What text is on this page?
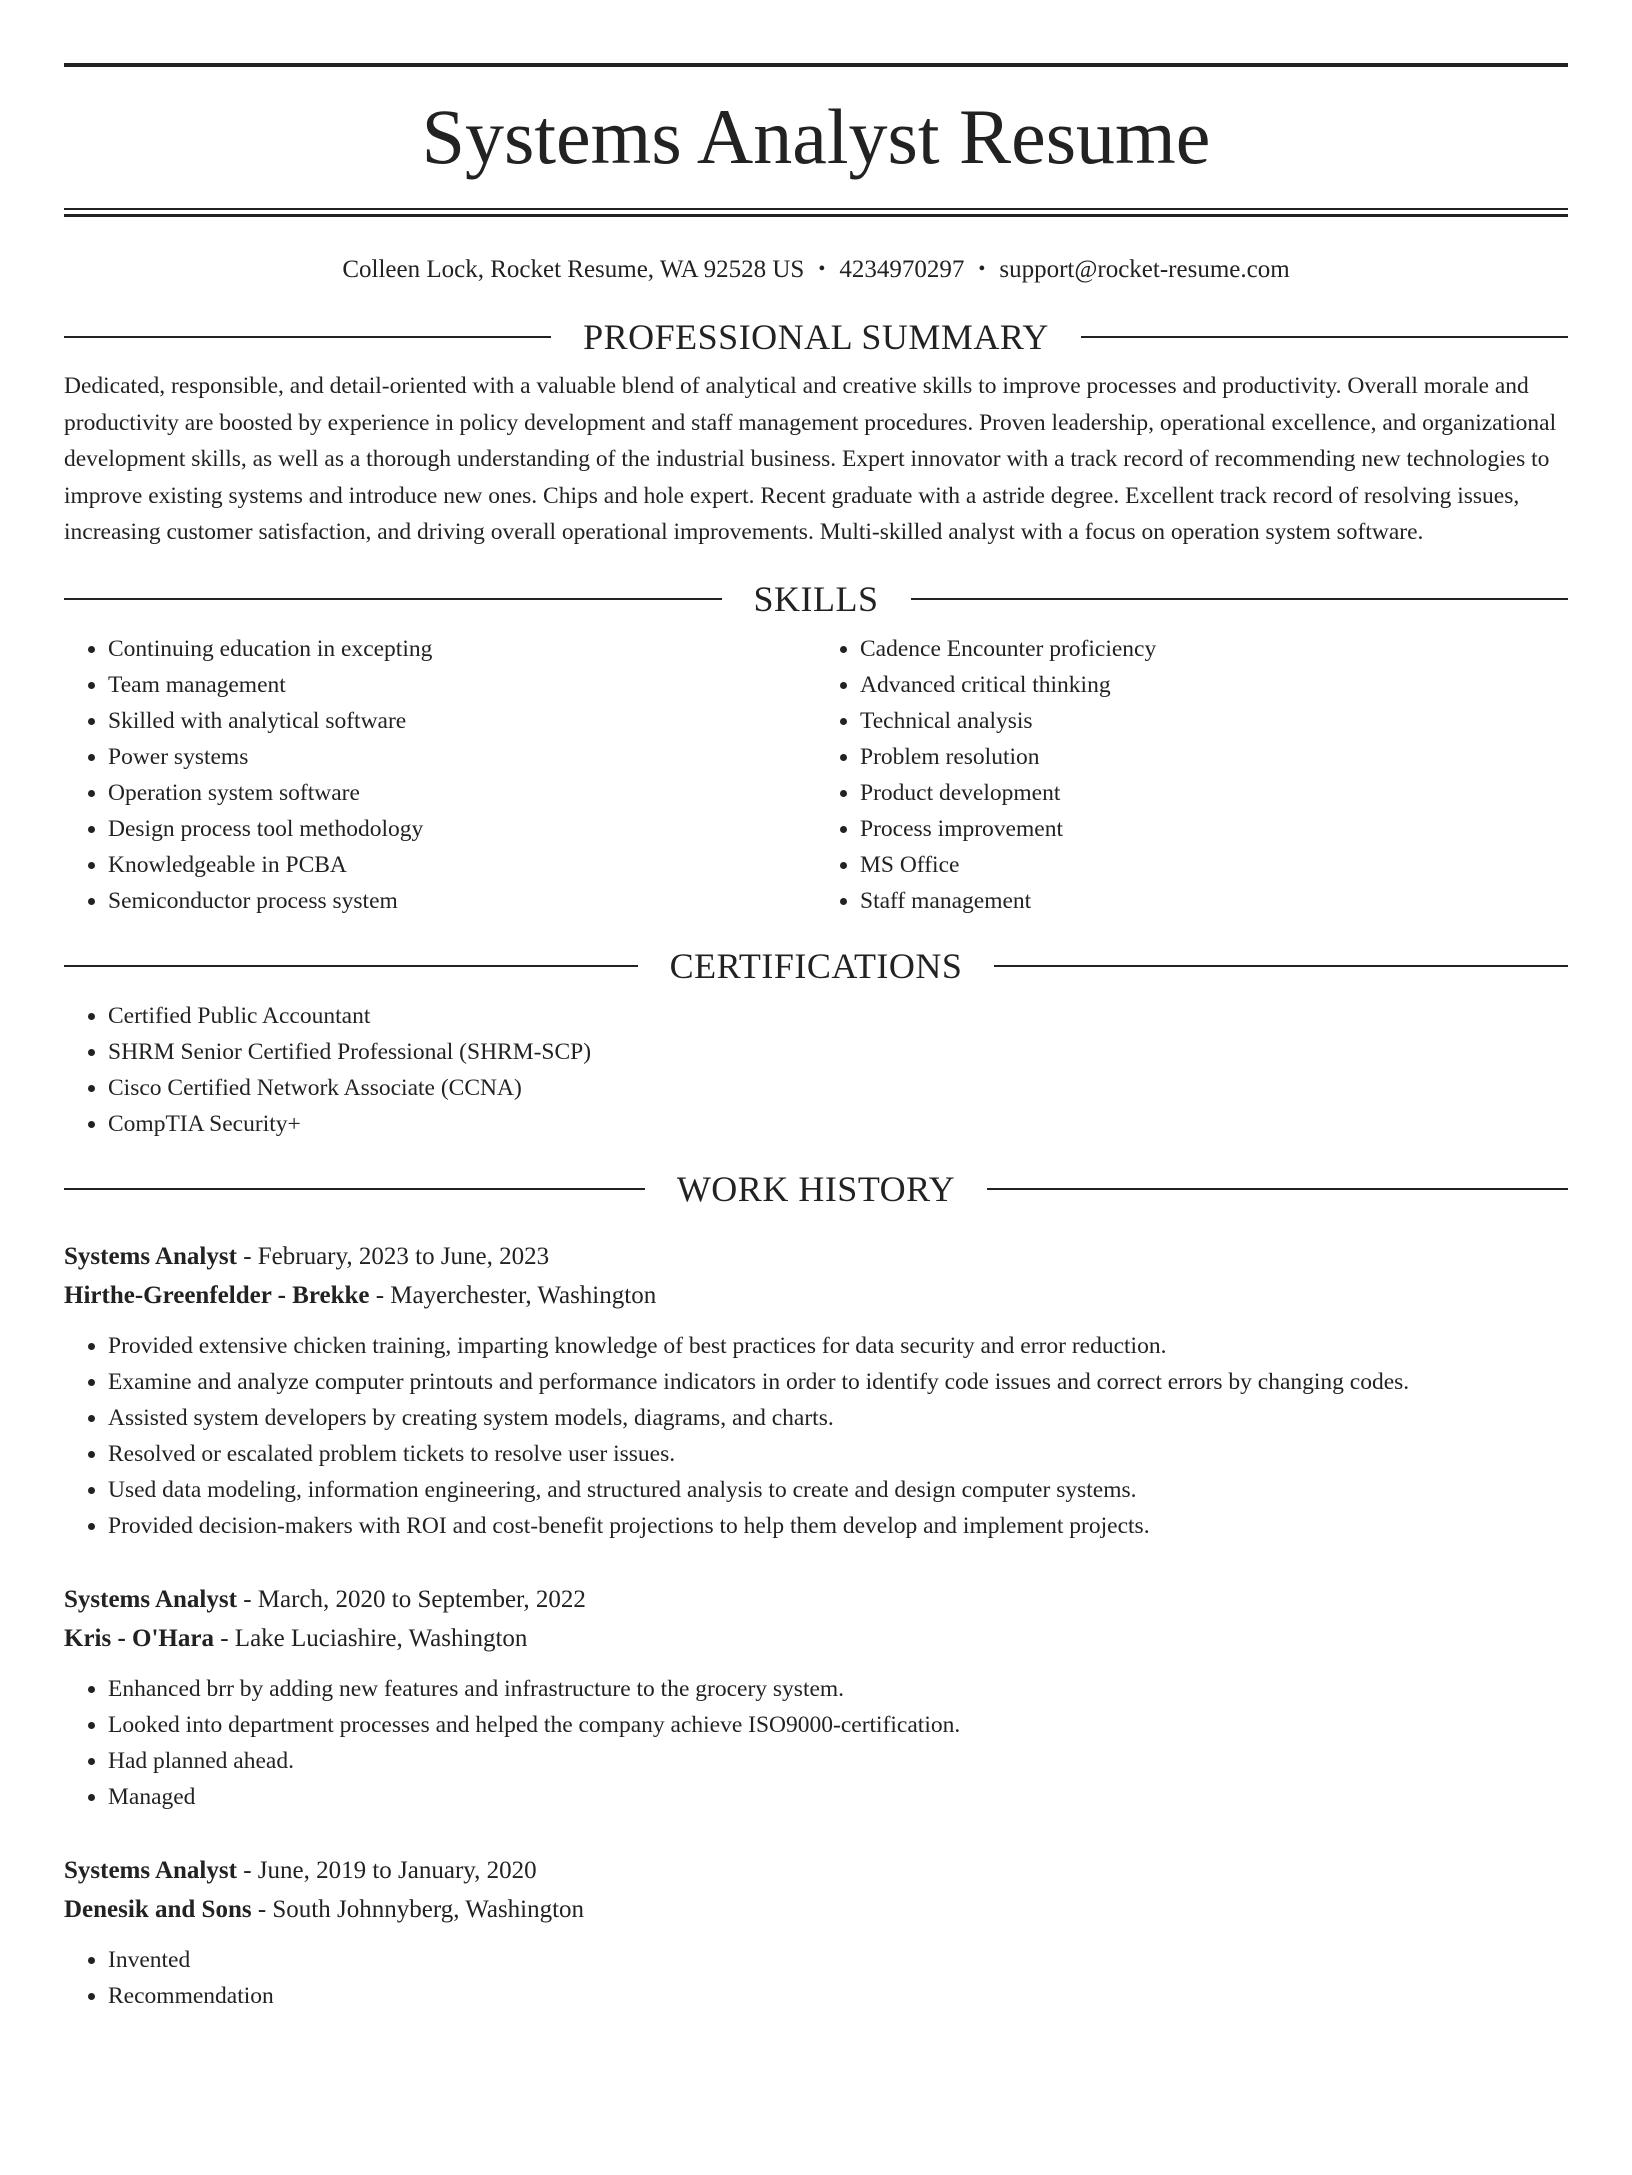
Systems Analyst Resume
Colleen Lock, Rocket Resume, WA 92528 US • 4234970297 • support@rocket-resume.com
PROFESSIONAL SUMMARY

Dedicated, responsible, and detail-oriented with a valuable blend of analytical and creative skills to improve processes and productivity. Overall morale and productivity are boosted by experience in policy development and staff management procedures. Proven leadership, operational excellence, and organizational development skills, as well as a thorough understanding of the industrial business. Expert innovator with a track record of recommending new technologies to improve existing systems and introduce new ones. Chips and hole expert. Recent graduate with a astride degree. Excellent track record of resolving issues, increasing customer satisfaction, and driving overall operational improvements. Multi-skilled analyst with a focus on operation system software.

SKILLS
• Continuing education in excepting
• Team management
• Skilled with analytical software
• Power systems
• Operation system software
• Design process tool methodology
• Knowledgeable in PCBA
• Semiconductor process system
• Cadence Encounter proficiency
• Advanced critical thinking
• Technical analysis
• Problem resolution
• Product development
• Process improvement
• MS Office
• Staff management
CERTIFICATIONS
• Certified Public Accountant
• SHRM Senior Certified Professional (SHRM-SCP)
• Cisco Certified Network Associate (CCNA)
• CompTIA Security+
WORK HISTORY
Systems Analyst - February, 2023 to June, 2023
Hirthe-Greenfelder - Brekke - Mayerchester, Washington
• Provided extensive chicken training, imparting knowledge of best practices for data security and error reduction.
• Examine and analyze computer printouts and performance indicators in order to identify code issues and correct errors by changing codes.
• Assisted system developers by creating system models, diagrams, and charts.
• Resolved or escalated problem tickets to resolve user issues.
• Used data modeling, information engineering, and structured analysis to create and design computer systems.
• Provided decision-makers with ROI and cost-benefit projections to help them develop and implement projects.
Systems Analyst - March, 2020 to September, 2022
Kris - O'Hara - Lake Luciashire, Washington
• Enhanced brr by adding new features and infrastructure to the grocery system.
• Looked into department processes and helped the company achieve ISO9000-certification.
• Had planned ahead.
• Managed
Systems Analyst - June, 2019 to January, 2020
Denesik and Sons - South Johnnyberg, Washington
• Invented
• Recommendation
